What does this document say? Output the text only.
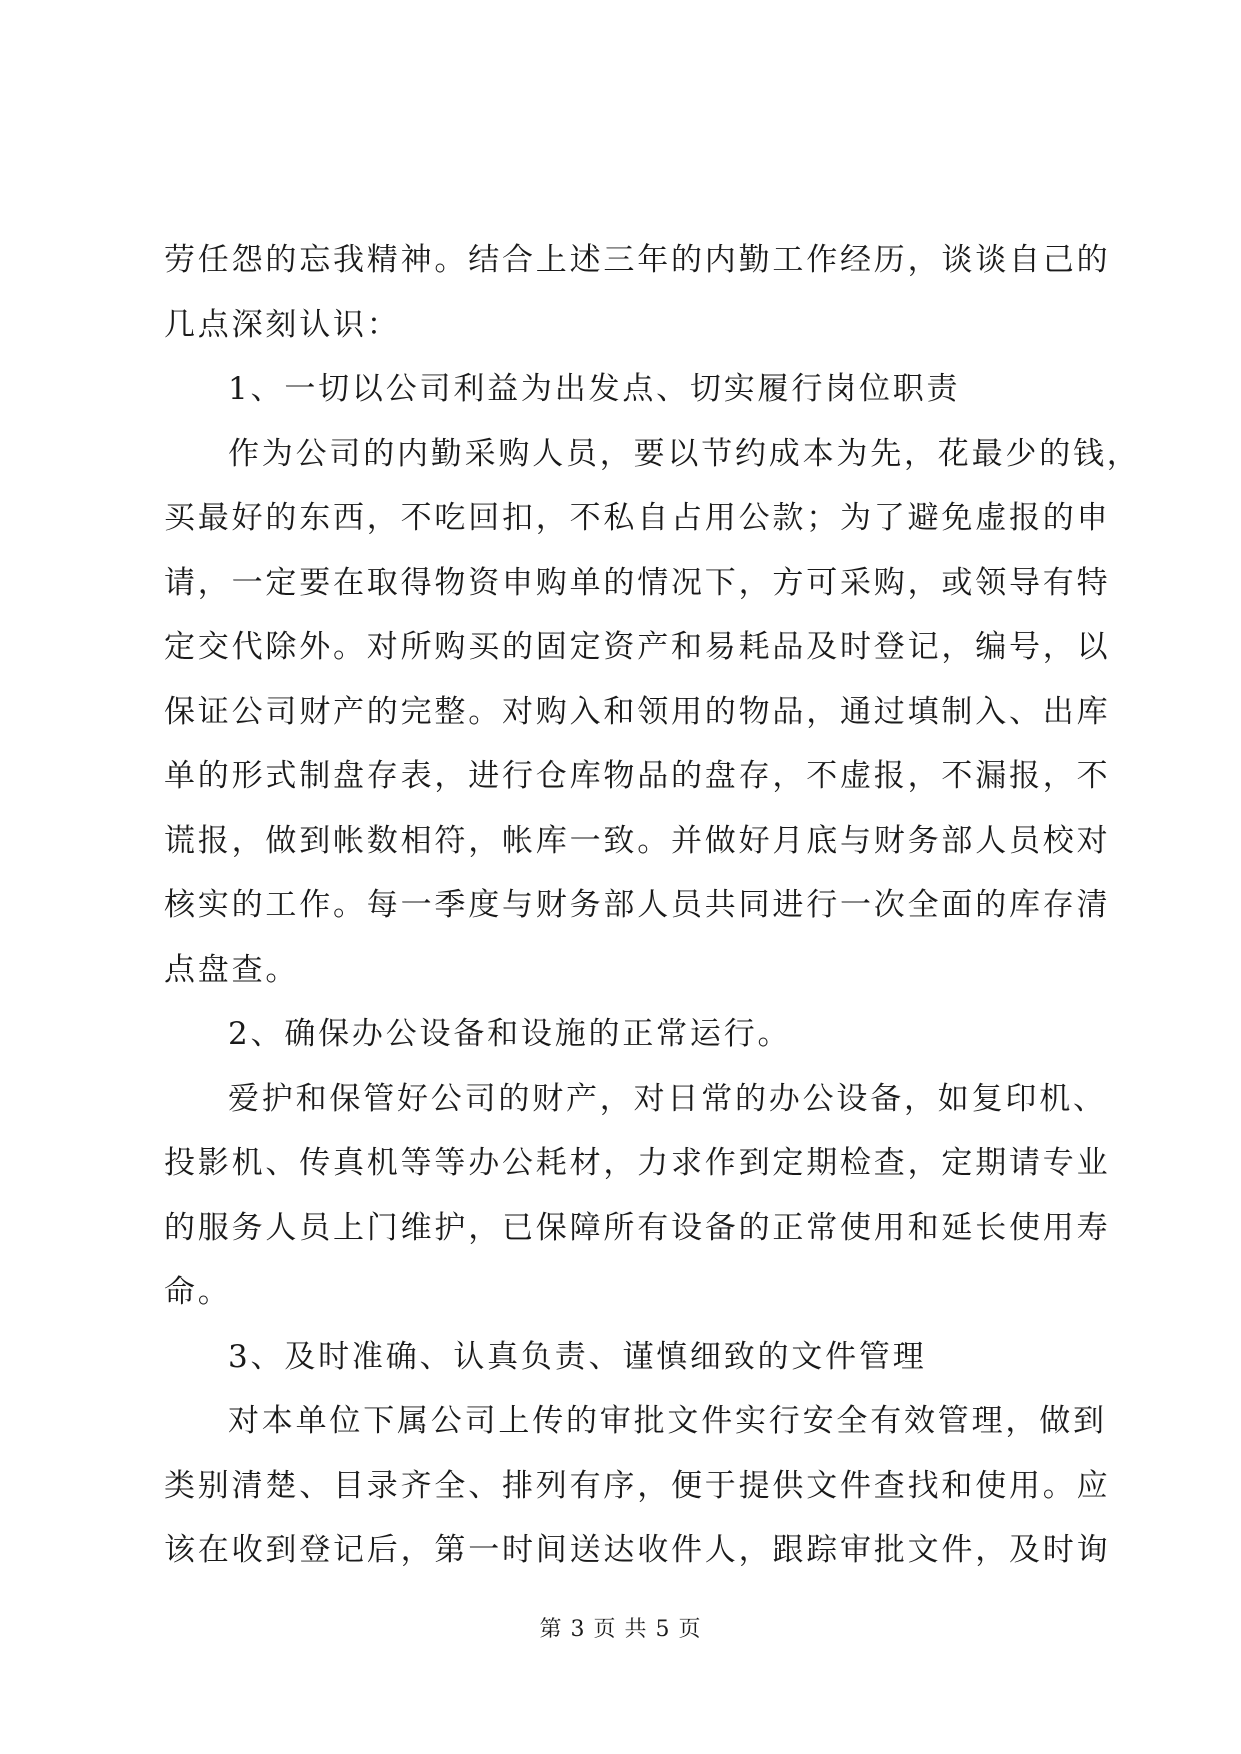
劳任怨的忘我精神。结合上述三年的内勤工作经历，谈谈自己的
几点深刻认识：
1、一切以公司利益为出发点、切实履行岗位职责
作为公司的内勤采购人员，要以节约成本为先，花最少的钱，
买最好的东西，不吃回扣，不私自占用公款；为了避免虚报的申
请，一定要在取得物资申购单的情况下，方可采购，或领导有特
定交代除外。对所购买的固定资产和易耗品及时登记，编号，以
保证公司财产的完整。对购入和领用的物品，通过填制入、出库
单的形式制盘存表，进行仓库物品的盘存，不虚报，不漏报，不
谎报，做到帐数相符，帐库一致。并做好月底与财务部人员校对
核实的工作。每一季度与财务部人员共同进行一次全面的库存清
点盘查。
2、确保办公设备和设施的正常运行。
爱护和保管好公司的财产，对日常的办公设备，如复印机、
投影机、传真机等等办公耗材，力求作到定期检查，定期请专业
的服务人员上门维护，已保障所有设备的正常使用和延长使用寿
命。
3、及时准确、认真负责、谨慎细致的文件管理
对本单位下属公司上传的审批文件实行安全有效管理，做到
类别清楚、目录齐全、排列有序，便于提供文件查找和使用。应
该在收到登记后，第一时间送达收件人，跟踪审批文件，及时询
第 3 页 共 5 页
